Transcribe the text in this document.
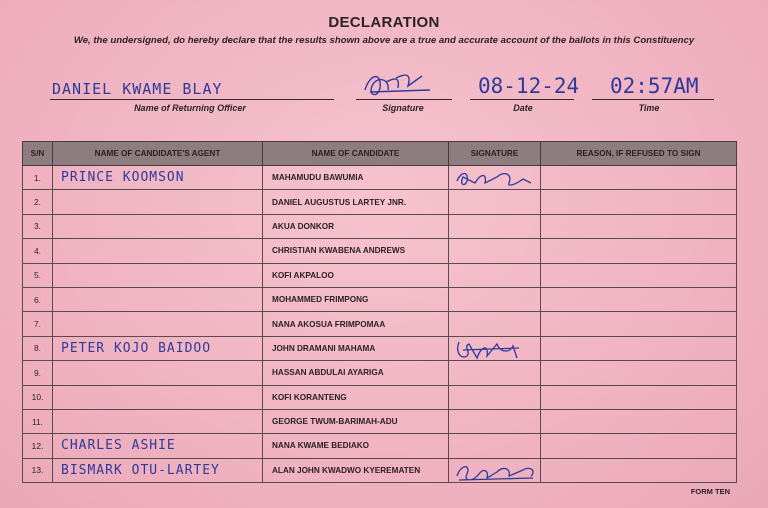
DECLARATION
We, the undersigned, do hereby declare that the results shown above are a true and accurate account of the ballots in this Constituency
DANIEL KWAME BLAY
Name of Returning Officer	Signature
08-12-24
Date
02:57AM
Time
S/N	NAME OF CANDIDATE'S AGENT	NAME OF CANDIDATE	SIGNATURE	REASON, IF REFUSED TO SIGN
1.	PRINCE KOOMSON	MAHAMUDU BAWUMIA	

2.		DANIEL AUGUSTUS LARTEY JNR.		
3.		AKUA DONKOR		
4.		CHRISTIAN KWABENA ANDREWS		
5.		KOFI AKPALOO		
6.		MOHAMMED FRIMPONG		
7.		NANA AKOSUA FRIMPOMAA		
8.	PETER KOJO BAIDOO	JOHN DRAMANI MAHAMA	

9.		HASSAN ABDULAI AYARIGA		
10.		KOFI KORANTENG		
11.		GEORGE TWUM-BARIMAH-ADU		
12.	CHARLES ASHIE	NANA KWAME BEDIAKO		
13.	BISMARK OTU-LARTEY	ALAN JOHN KWADWO KYEREMATEN	

FORM TEN
